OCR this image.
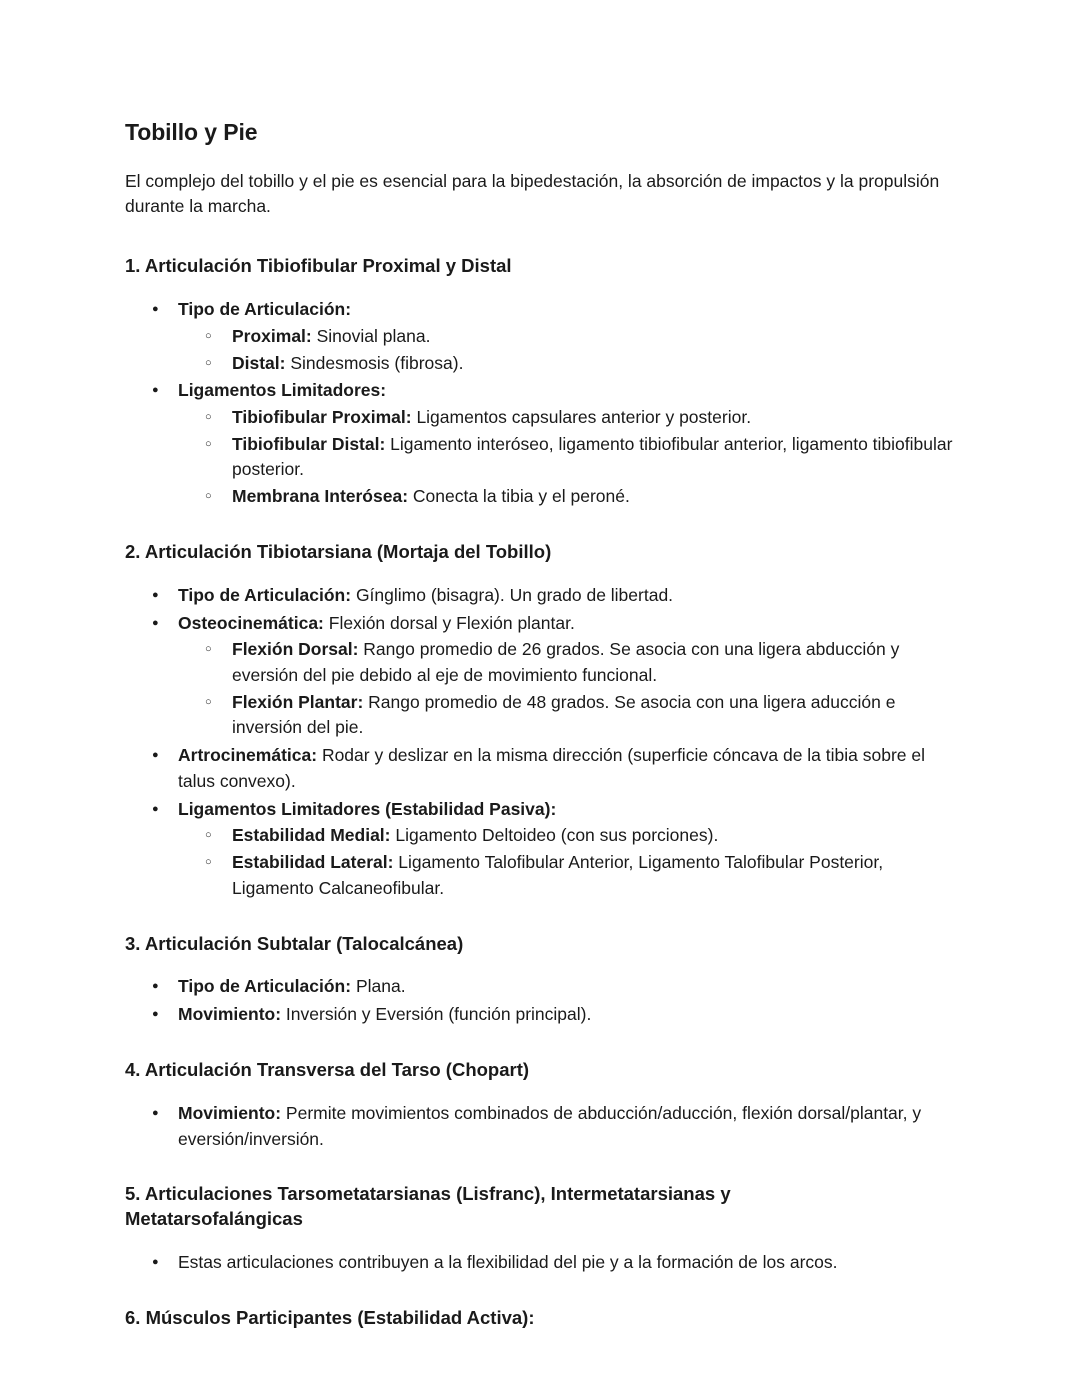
Tobillo y Pie

El complejo del tobillo y el pie es esencial para la bipedestación, la absorción de impactos y la propulsión durante la marcha.

1. Articulación Tibiofibular Proximal y Distal
● Tipo de Articulación:
○ Proximal: Sinovial plana.
○ Distal: Sindesmosis (fibrosa).
● Ligamentos Limitadores:
○ Tibiofibular Proximal: Ligamentos capsulares anterior y posterior.
○ Tibiofibular Distal: Ligamento interóseo, ligamento tibiofibular anterior, ligamento tibiofibular posterior.
○ Membrana Interósea: Conecta la tibia y el peroné.
2. Articulación Tibiotarsiana (Mortaja del Tobillo)
● Tipo de Articulación: Gínglimo (bisagra). Un grado de libertad.
● Osteocinemática: Flexión dorsal y Flexión plantar.
○ Flexión Dorsal: Rango promedio de 26 grados. Se asocia con una ligera abducción y eversión del pie debido al eje de movimiento funcional.
○ Flexión Plantar: Rango promedio de 48 grados. Se asocia con una ligera aducción e inversión del pie.
● Artrocinemática: Rodar y deslizar en la misma dirección (superficie cóncava de la tibia sobre el talus convexo).
● Ligamentos Limitadores (Estabilidad Pasiva):
○ Estabilidad Medial: Ligamento Deltoideo (con sus porciones).
○ Estabilidad Lateral: Ligamento Talofibular Anterior, Ligamento Talofibular Posterior, Ligamento Calcaneofibular.
3. Articulación Subtalar (Talocalcánea)
● Tipo de Articulación: Plana.
● Movimiento: Inversión y Eversión (función principal).
4. Articulación Transversa del Tarso (Chopart)
● Movimiento: Permite movimientos combinados de abducción/aducción, flexión dorsal/plantar, y eversión/inversión.
5. Articulaciones Tarsometatarsianas (Lisfranc), Intermetatarsianas y Metatarsofalángicas
● Estas articulaciones contribuyen a la flexibilidad del pie y a la formación de los arcos.
6. Músculos Participantes (Estabilidad Activa):
